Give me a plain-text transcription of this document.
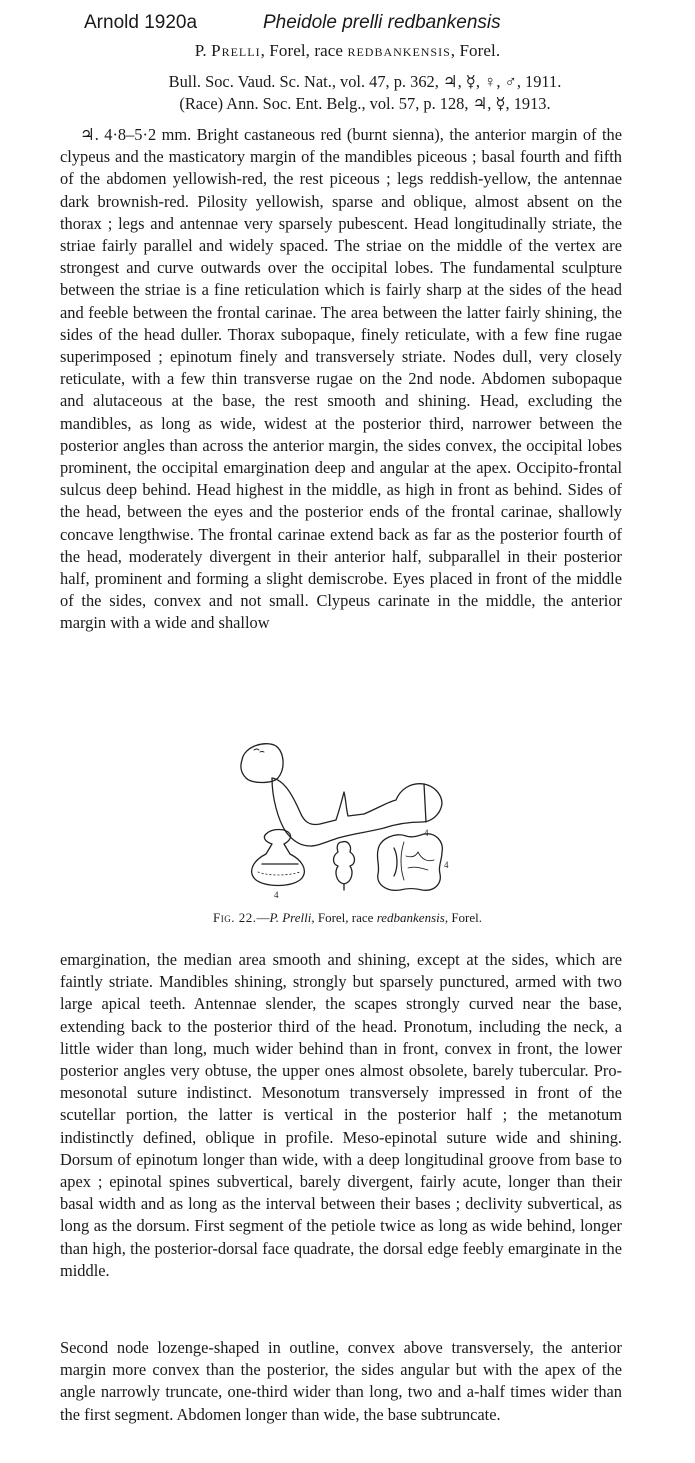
Arnold 1920a	Pheidole prelli redbankensis
P. Prelli, Forel, race redbankensis, Forel.
Bull. Soc. Vaud. Sc. Nat., vol. 47, p. 362, ♃, ☿, ♀, ♂, 1911.
(Race) Ann. Soc. Ent. Belg., vol. 57, p. 128, ♃, ☿, 1913.
♃. 4·8–5·2 mm. Bright castaneous red (burnt sienna), the anterior margin of the clypeus and the masticatory margin of the mandibles piceous ; basal fourth and fifth of the abdomen yellowish-red, the rest piceous ; legs reddish-yellow, the antennae dark brownish-red. Pilosity yellowish, sparse and oblique, almost absent on the thorax ; legs and antennae very sparsely pubescent. Head longitudinally striate, the striae fairly parallel and widely spaced. The striae on the middle of the vertex are strongest and curve outwards over the occipital lobes. The fundamental sculpture between the striae is a fine reticulation which is fairly sharp at the sides of the head and feeble between the frontal carinae. The area between the latter fairly shining, the sides of the head duller. Thorax subopaque, finely reticulate, with a few fine rugae superimposed ; epinotum finely and transversely striate. Nodes dull, very closely reticulate, with a few thin transverse rugae on the 2nd node. Abdomen subopaque and alutaceous at the base, the rest smooth and shining. Head, excluding the mandibles, as long as wide, widest at the posterior third, narrower between the posterior angles than across the anterior margin, the sides convex, the occipital lobes prominent, the occipital emargination deep and angular at the apex. Occipito-frontal sulcus deep behind. Head highest in the middle, as high in front as behind. Sides of the head, between the eyes and the posterior ends of the frontal carinae, shallowly concave lengthwise. The frontal carinae extend back as far as the posterior fourth of the head, moderately divergent in their anterior half, subparallel in their posterior half, prominent and forming a slight demiscrobe. Eyes placed in front of the middle of the sides, convex and not small. Clypeus carinate in the middle, the anterior margin with a wide and shallow
4
4
4
Fig. 22.—P. Prelli, Forel, race redbankensis, Forel.
emargination, the median area smooth and shining, except at the sides, which are faintly striate. Mandibles shining, strongly but sparsely punctured, armed with two large apical teeth. Antennae slender, the scapes strongly curved near the base, extending back to the posterior third of the head. Pronotum, including the neck, a little wider than long, much wider behind than in front, convex in front, the lower posterior angles very obtuse, the upper ones almost obsolete, barely tubercular. Pro-mesonotal suture indistinct. Mesonotum transversely impressed in front of the scutellar portion, the latter is vertical in the posterior half ; the metanotum indistinctly defined, oblique in profile. Meso-epinotal suture wide and shining. Dorsum of epinotum longer than wide, with a deep longitudinal groove from base to apex ; epinotal spines subvertical, barely divergent, fairly acute, longer than their basal width and as long as the interval between their bases ; declivity subvertical, as long as the dorsum. First segment of the petiole twice as long as wide behind, longer than high, the posterior-dorsal face quadrate, the dorsal edge feebly emarginate in the middle.
Second node lozenge-shaped in outline, convex above transversely, the anterior margin more convex than the posterior, the sides angular but with the apex of the angle narrowly truncate, one-third wider than long, two and a-half times wider than the first segment. Abdomen longer than wide, the base subtruncate.
